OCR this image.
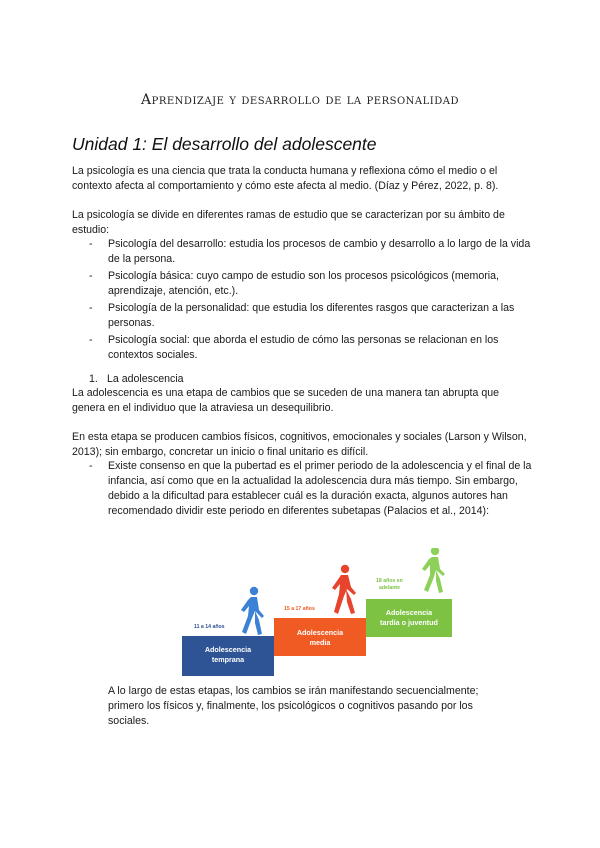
Aprendizaje y desarrollo de la personalidad
Unidad 1: El desarrollo del adolescente

La psicología es una ciencia que trata la conducta humana y reflexiona cómo el medio o el contexto afecta al comportamiento y cómo este afecta al medio. (Díaz y Pérez, 2022, p. 8).

La psicología se divide en diferentes ramas de estudio que se caracterizan por su ámbito de estudio:

- Psicología del desarrollo: estudia los procesos de cambio y desarrollo a lo largo de la vida de la persona.
- Psicología básica: cuyo campo de estudio son los procesos psicológicos (memoria, aprendizaje, atención, etc.).
- Psicología de la personalidad: que estudia los diferentes rasgos que caracterizan a las personas.
- Psicología social: que aborda el estudio de cómo las personas se relacionan en los contextos sociales.
1. La adolescencia

La adolescencia es una etapa de cambios que se suceden de una manera tan abrupta que genera en el individuo que la atraviesa un desequilibrio.

En esta etapa se producen cambios físicos, cognitivos, emocionales y sociales (Larson y Wilson, 2013); sin embargo, concretar un inicio o final unitario es difícil.

- Existe consenso en que la pubertad es el primer periodo de la adolescencia y el final de la infancia, así como que en la actualidad la adolescencia dura más tiempo. Sin embargo, debido a la dificultad para establecer cuál es la duración exacta, algunos autores han recomendado dividir este periodo en diferentes subetapas (Palacios et al., 2014):
Adolescencia
temprana
11 a 14 años
Adolescencia
media
15 a 17 años	Adolescencia
tardía o juventud
18 años en
adelante

A lo largo de estas etapas, los cambios se irán manifestando secuencialmente; primero los físicos y, finalmente, los psicológicos o cognitivos pasando por los sociales.
